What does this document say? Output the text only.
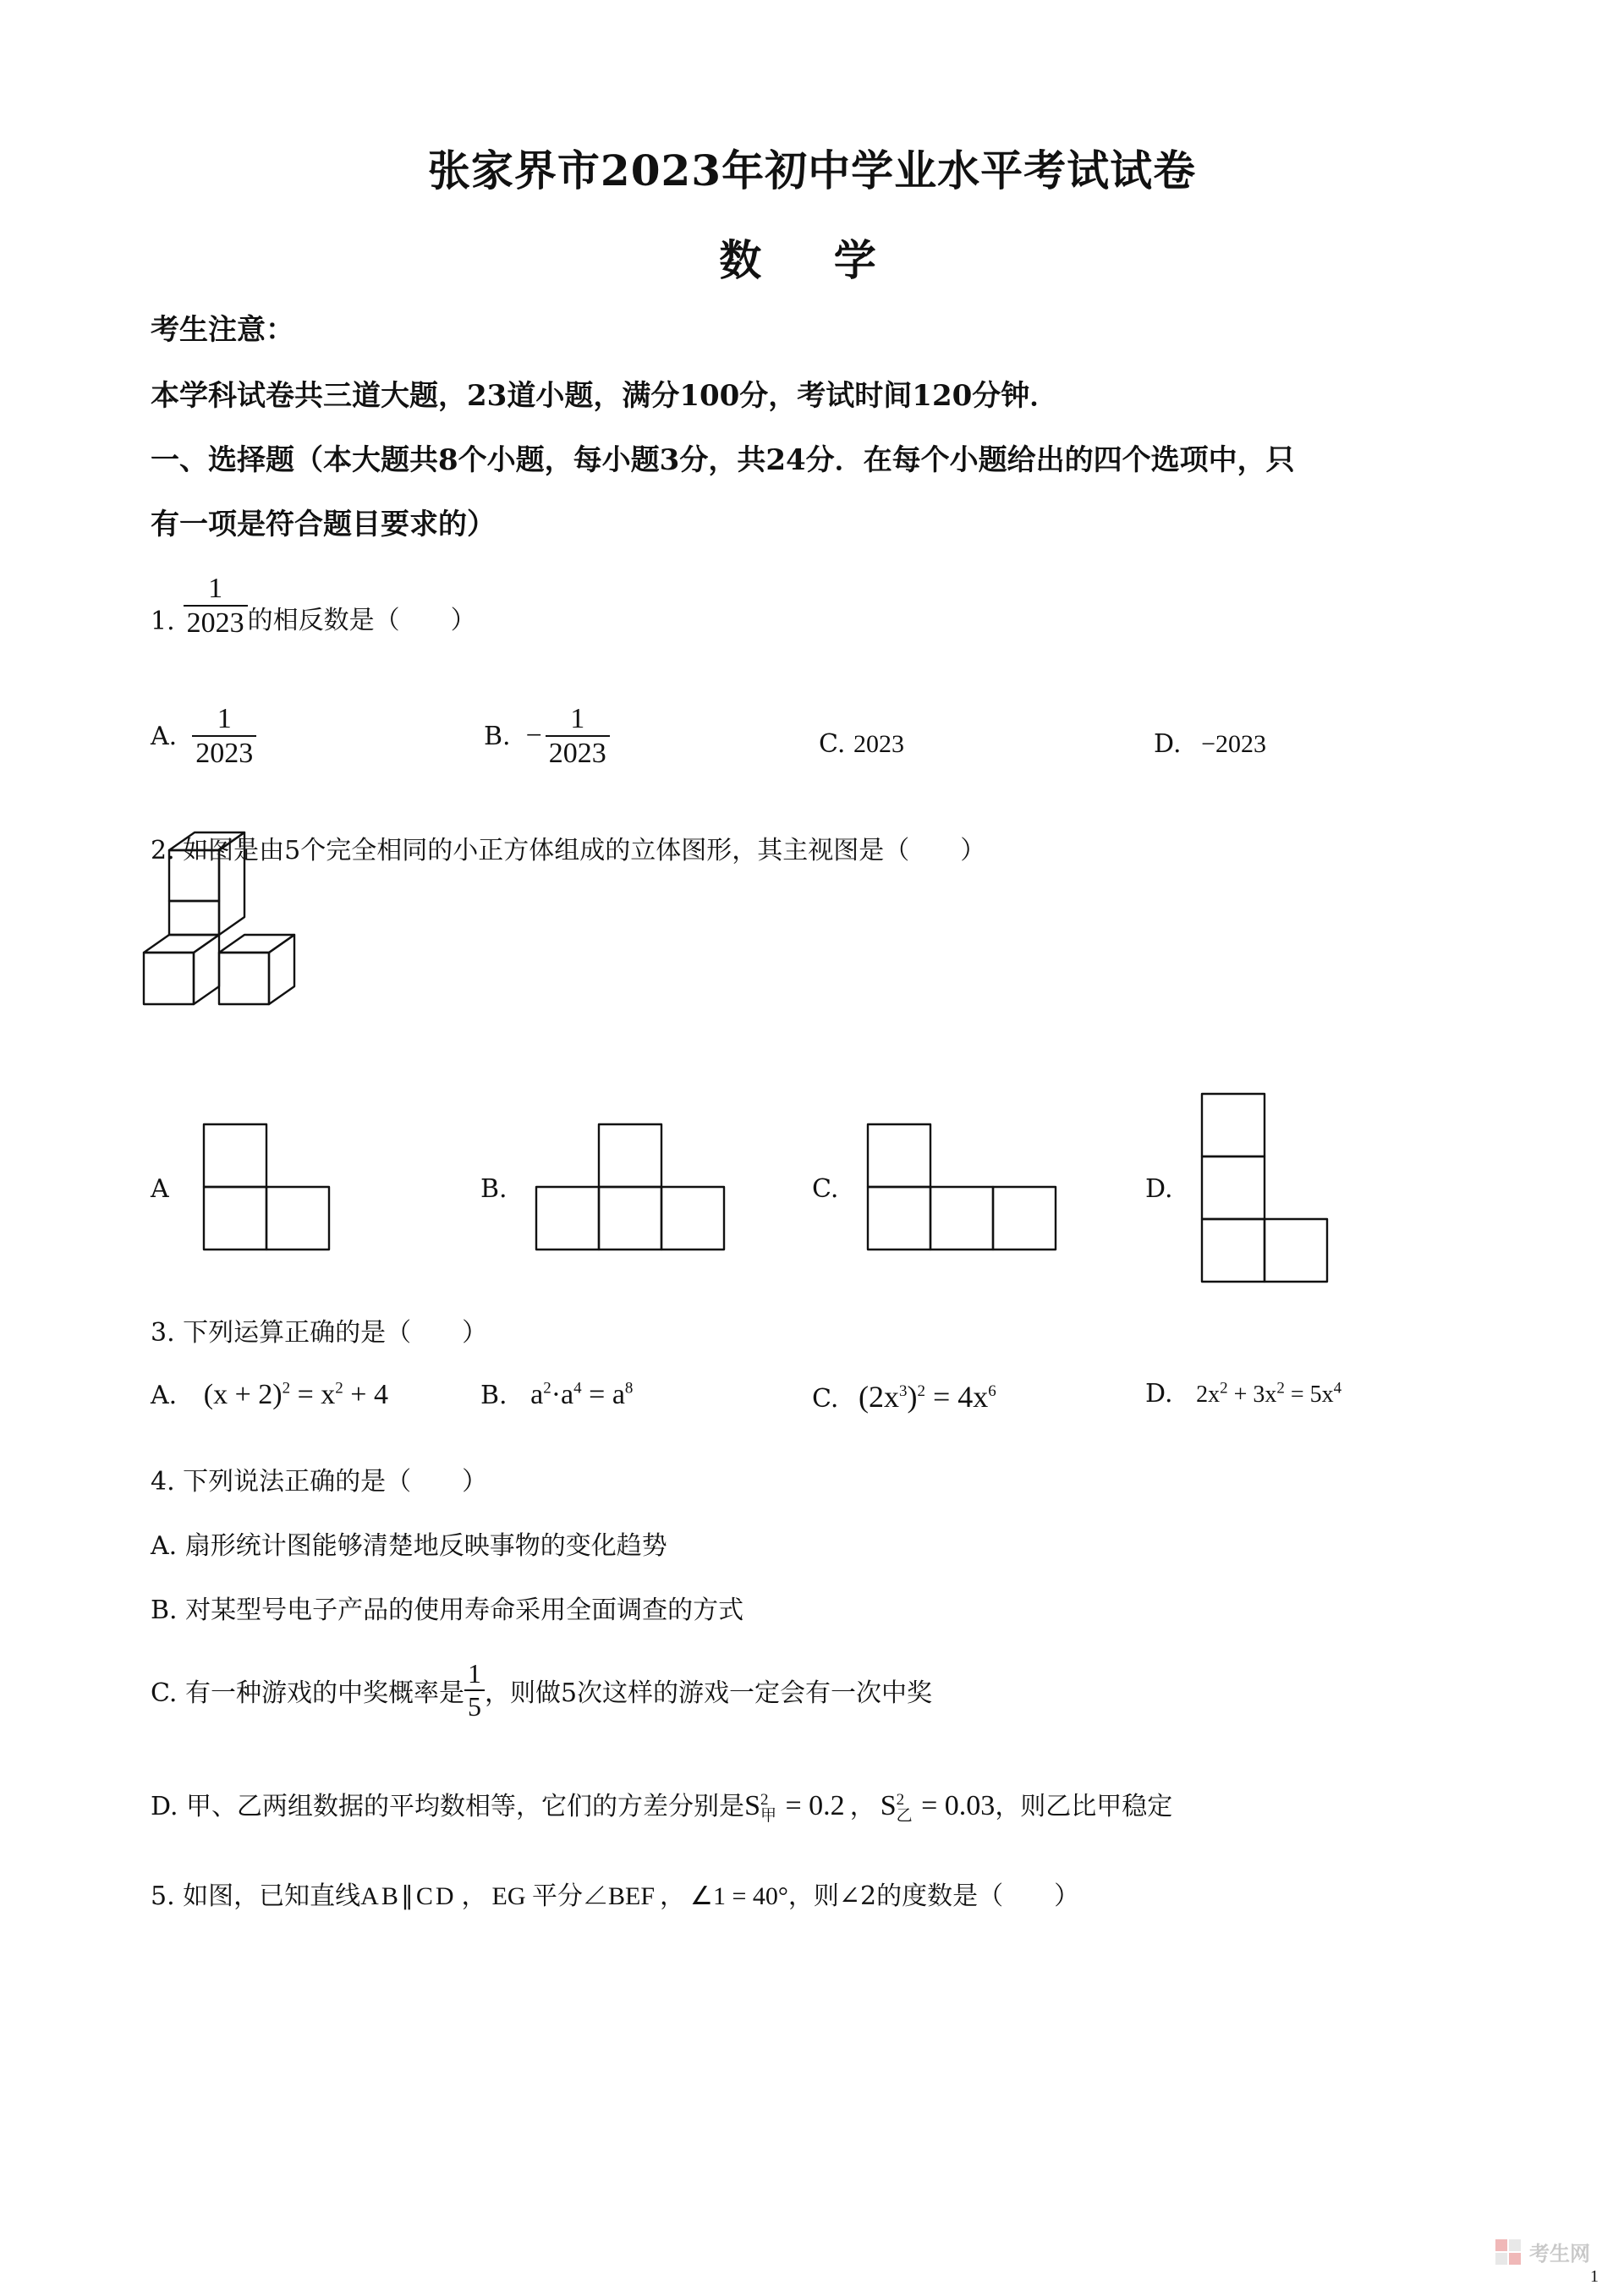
张家界市2023年初中学业水平考试试卷
数 学
考生注意：
本学科试卷共三道大题，23道小题，满分100分，考试时间120分钟．
一、选择题（本大题共8个小题，每小题3分，共24分．在每个小题给出的四个选项中，只
有一项是符合题目要求的）
1. $\frac{1}{2023}$ 的相反数是（　　）
A. $\frac{1}{2023}$	B. − $\frac{1}{2023}$	C. 2023	D. −2023
2. 如图是由5个完全相同的小正方体组成的立体图形，其主视图是（　　）
A	B.	C.	D.
3. 下列运算正确的是（　　）
A. $(x + 2)^2 = x^2 + 4$	B. $a^2\cdot a^4 = a^8$	C. $(2x^3)^2 = 4x^6$	D. $2x^2 + 3x^2 = 5x^4$
4. 下列说法正确的是（　　）
A. 扇形统计图能够清楚地反映事物的变化趋势
B. 对某型号电子产品的使用寿命采用全面调查的方式
C. 有一种游戏的中奖概率是 $\frac{1}{5}$ ，则做5次这样的游戏一定会有一次中奖
D. 甲、乙两组数据的平均数相等，它们的方差分别是 S 2
甲 = 0.2 ， S 2
乙 = 0.03 ，则乙比甲稳定
5. 如图，已知直线 AB∥CD ， EG 平分∠BEF ， ∠1 = 40° ，则∠2的度数是（　　）
考生网
1
